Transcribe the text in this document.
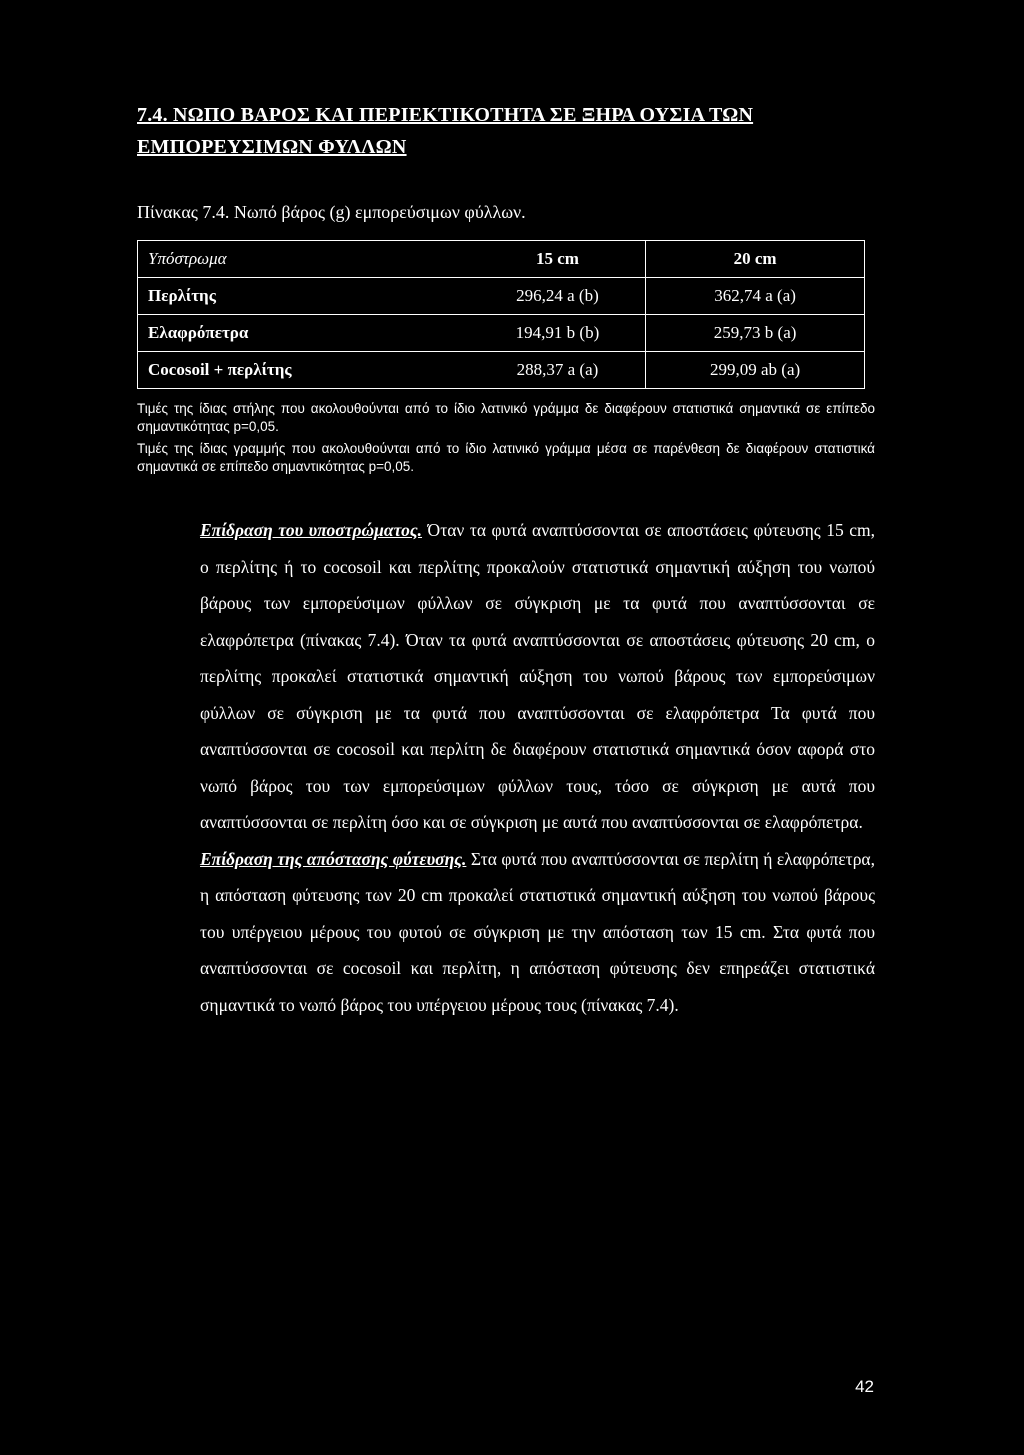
7.4. ΝΩΠΟ ΒΑΡΟΣ ΚΑΙ ΠΕΡΙΕΚΤΙΚΟΤΗΤΑ ΣΕ ΞΗΡΑ ΟΥΣΙΑ ΤΩΝ ΕΜΠΟΡΕΥΣΙΜΩΝ ΦΥΛΛΩΝ
Πίνακας 7.4. Νωπό βάρος (g) εμπορεύσιμων φύλλων.
Υπόστρωμα	15 cm	20 cm
Περλίτης	296,24 a (b)	362,74 a (a)
Ελαφρόπετρα	194,91 b (b)	259,73 b (a)
Cocosoil + περλίτης	288,37 a (a)	299,09 ab (a)

Τιμές της ίδιας στήλης που ακολουθούνται από το ίδιο λατινικό γράμμα δε διαφέρουν στατιστικά σημαντικά σε επίπεδο σημαντικότητας p=0,05.

Τιμές της ίδιας γραμμής που ακολουθούνται από το ίδιο λατινικό γράμμα μέσα σε παρένθεση δε διαφέρουν στατιστικά σημαντικά σε επίπεδο σημαντικότητας p=0,05.

Επίδραση του υποστρώματος. Όταν τα φυτά αναπτύσσονται σε αποστάσεις φύτευσης 15 cm, ο περλίτης ή το cocosoil και περλίτης προκαλούν στατιστικά σημαντική αύξηση του νωπού βάρους των εμπορεύσιμων φύλλων σε σύγκριση με τα φυτά που αναπτύσσονται σε ελαφρόπετρα (πίνακας 7.4). Όταν τα φυτά αναπτύσσονται σε αποστάσεις φύτευσης 20 cm, ο περλίτης προκαλεί στατιστικά σημαντική αύξηση του νωπού βάρους των εμπορεύσιμων φύλλων σε σύγκριση με τα φυτά που αναπτύσσονται σε ελαφρόπετρα Τα φυτά που αναπτύσσονται σε cocosoil και περλίτη δε διαφέρουν στατιστικά σημαντικά όσον αφορά στο νωπό βάρος του των εμπορεύσιμων φύλλων τους, τόσο σε σύγκριση με αυτά που αναπτύσσονται σε περλίτη όσο και σε σύγκριση με αυτά που αναπτύσσονται σε ελαφρόπετρα.

Επίδραση της απόστασης φύτευσης. Στα φυτά που αναπτύσσονται σε περλίτη ή ελαφρόπετρα, η απόσταση φύτευσης των 20 cm προκαλεί στατιστικά σημαντική αύξηση του νωπού βάρους του υπέργειου μέρους του φυτού σε σύγκριση με την απόσταση των 15 cm. Στα φυτά που αναπτύσσονται σε cocosoil και περλίτη, η απόσταση φύτευσης δεν επηρεάζει στατιστικά σημαντικά το νωπό βάρος του υπέργειου μέρους τους (πίνακας 7.4).

42
